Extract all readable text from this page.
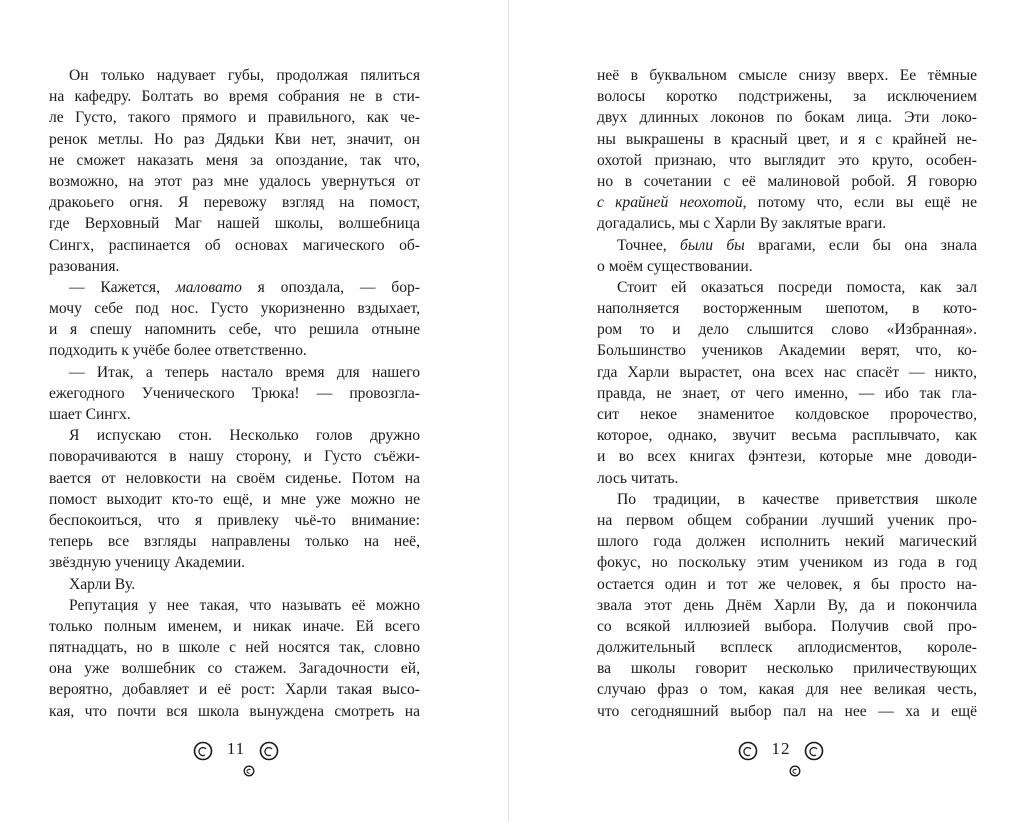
Он только надувает губы, продолжая пялиться
на кафедру. Болтать во время собрания не в сти-
ле Густо, такого прямого и правильного, как че-
ренок метлы. Но раз Дядьки Кви нет, значит, он
не сможет наказать меня за опоздание, так что,
возможно, на этот раз мне удалось увернуться от
дракоьего огня. Я перевожу взгляд на помост,
где Верховный Маг нашей школы, волшебница
Сингх, распинается об основах магического об-
разования.
— Кажется, маловато я опоздала, — бор-
мочу себе под нос. Густо укоризненно вздыхает,
и я спешу напомнить себе, что решила отныне
подходить к учёбе более ответственно.
— Итак, а теперь настало время для нашего
ежегодного Ученического Трюка! — провозгла-
шает Сингх.
Я испускаю стон. Несколько голов дружно
поворачиваются в нашу сторону, и Густо съёжи-
вается от неловкости на своём сиденье. Потом на
помост выходит кто-то ещё, и мне уже можно не
беспокоиться, что я привлеку чьё-то внимание:
теперь все взгляды направлены только на неё,
звёздную ученицу Академии.
Харли Ву.
Репутация у нее такая, что называть её можно
только полным именем, и никак иначе. Ей всего
пятнадцать, но в школе с ней носятся так, словно
она уже волшебник со стажем. Загадочности ей,
вероятно, добавляет и её рост: Харли такая высо-
кая, что почти вся школа вынуждена смотреть на
11
неё в буквальном смысле снизу вверх. Ее тёмные
волосы коротко подстрижены, за исключением
двух длинных локонов по бокам лица. Эти локо-
ны выкрашены в красный цвет, и я с крайней не-
охотой признаю, что выглядит это круто, особен-
но в сочетании с её малиновой робой. Я говорю
с крайней неохотой, потому что, если вы ещё не
догадались, мы с Харли Ву заклятые враги.
Точнее, были бы врагами, если бы она знала
о моём существовании.
Стоит ей оказаться посреди помоста, как зал
наполняется восторженным шепотом, в кото-
ром то и дело слышится слово «Избранная».
Большинство учеников Академии верят, что, ко-
гда Харли вырастет, она всех нас спасёт — никто,
правда, не знает, от чего именно, — ибо так гла-
сит некое знаменитое колдовское пророчество,
которое, однако, звучит весьма расплывчато, как
и во всех книгах фэнтези, которые мне доводи-
лось читать.
По традиции, в качестве приветствия школе
на первом общем собрании лучший ученик про-
шлого года должен исполнить некий магический
фокус, но поскольку этим учеником из года в год
остается один и тот же человек, я бы просто на-
звала этот день Днём Харли Ву, да и покончила
со всякой иллюзией выбора. Получив свой про-
должительный всплеск аплодисментов, короле-
ва школы говорит несколько приличествующих
случаю фраз о том, какая для нее великая честь,
что сегодняшний выбор пал на нее — ха и ещё
12
